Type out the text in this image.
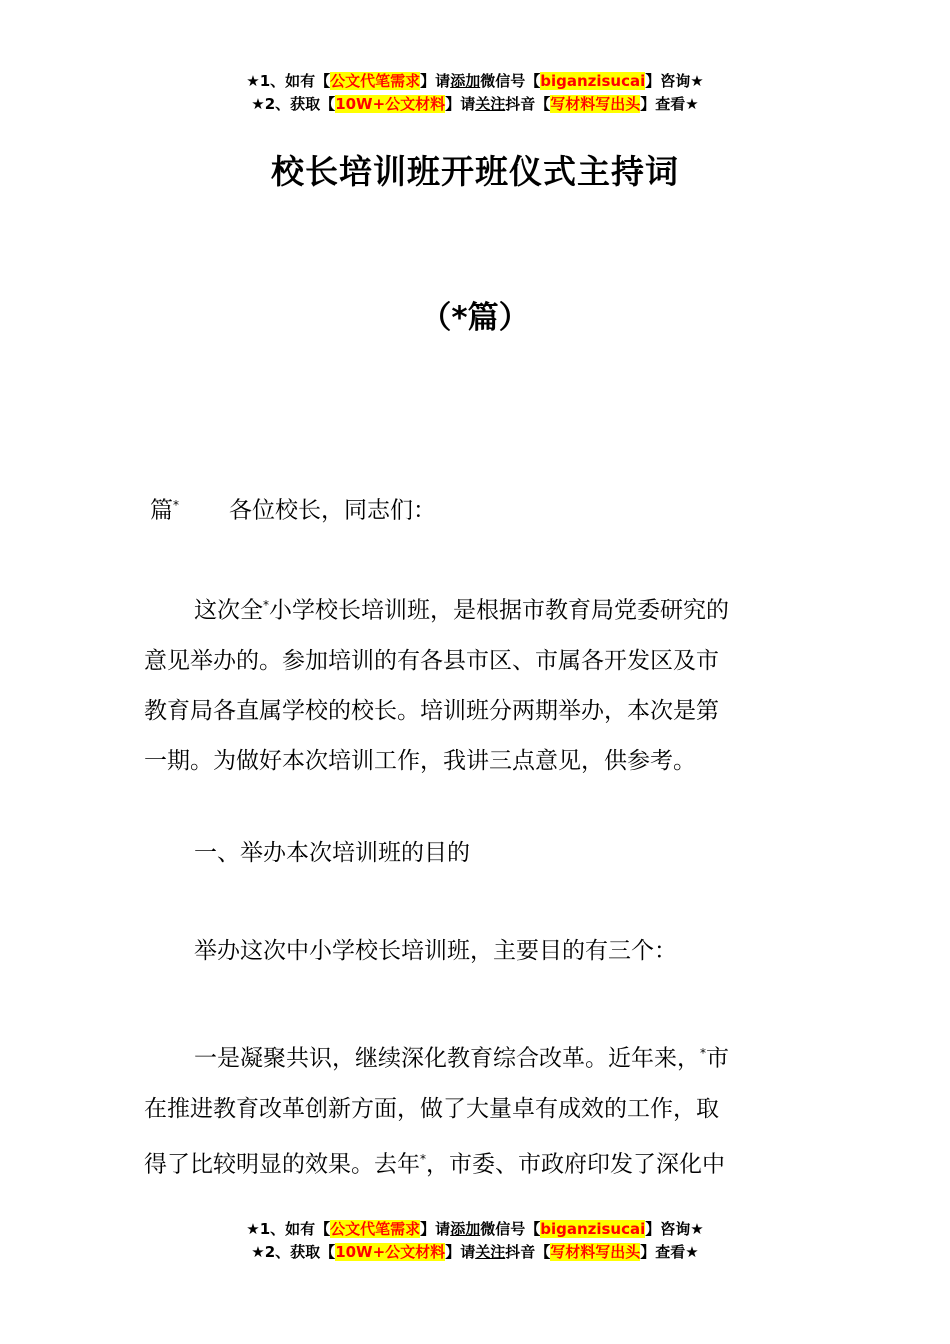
★1、如有【公文代笔需求】请添加微信号【biganzisucai】咨询★
★2、获取【10W+公文材料】请关注抖音【写材料写出头】查看★
校长培训班开班仪式主持词
（*篇）
篇* 各位校长，同志们：
这次全*小学校长培训班，是根据市教育局党委研究的
意见举办的。参加培训的有各县市区、市属各开发区及市
教育局各直属学校的校长。培训班分两期举办，本次是第
一期。为做好本次培训工作，我讲三点意见，供参考。
一、举办本次培训班的目的
举办这次中小学校长培训班，主要目的有三个：
一是凝聚共识，继续深化教育综合改革。近年来，*市
在推进教育改革创新方面，做了大量卓有成效的工作，取
得了比较明显的效果。去年*，市委、市政府印发了深化中
★1、如有【公文代笔需求】请添加微信号【biganzisucai】咨询★
★2、获取【10W+公文材料】请关注抖音【写材料写出头】查看★
